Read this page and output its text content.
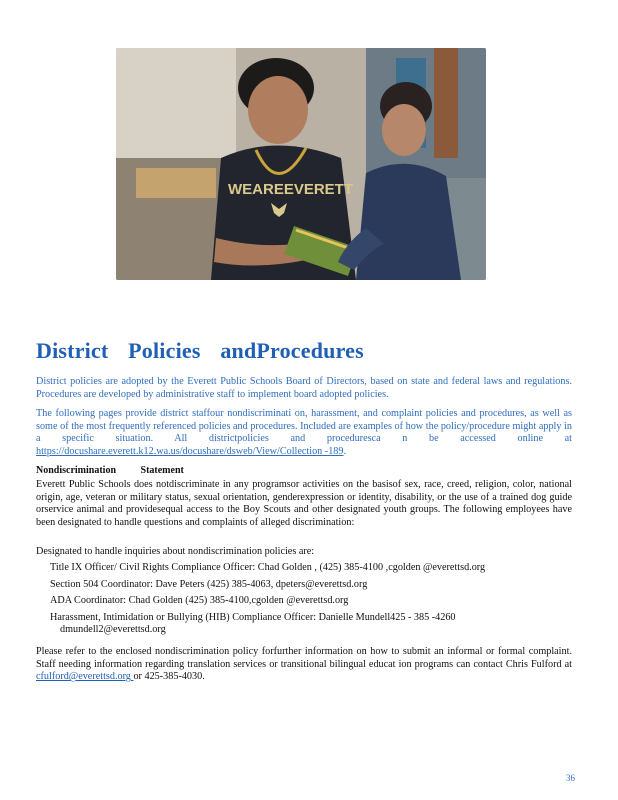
WEAREEVERETT
District Policies andProcedures

District policies are adopted by the Everett Public Schools Board of Directors, based on state and federal laws and regulations. Procedures are developed by administrative staff to implement board adopted policies.

The following pages provide district staffour nondiscriminati on, harassment, and complaint policies and procedures, as well as some of the most frequently referenced policies and procedures. Included are examples of how the policy/procedure might apply in a specific situation. All districtpolicies and proceduresca n be accessed online at https://docushare.everett.k12.wa.us/docushare/dsweb/View/Collection -189.

Nondiscrimination Statement

Everett Public Schools does notdiscriminate in any programsor activities on the basisof sex, race, creed, religion, color, national origin, age, veteran or military status, sexual orientation, genderexpression or identity, disability, or the use of a trained dog guide orservice animal and providesequal access to the Boy Scouts and other designated youth groups. The following employees have been designated to handle questions and complaints of alleged discrimination:

Designated to handle inquiries about nondiscrimination policies are:

Title IX Officer/ Civil Rights Compliance Officer: Chad Golden , (425) 385-4100 ,cgolden @everettsd.org
Section 504 Coordinator: Dave Peters (425) 385-4063, dpeters@everettsd.org
ADA Coordinator: Chad Golden (425) 385-4100,cgolden @everettsd.org
Harassment, Intimidation or Bullying (HIB) Compliance Officer: Danielle Mundell425 - 385 -4260
dmundell2@everettsd.org

Please refer to the enclosed nondiscrimination policy forfurther information on how to submit an informal or formal complaint. Staff needing information regarding translation services or transitional bilingual educat ion programs can contact Chris Fulford at cfulford@everettsd.org or 425-385-4030.

36
